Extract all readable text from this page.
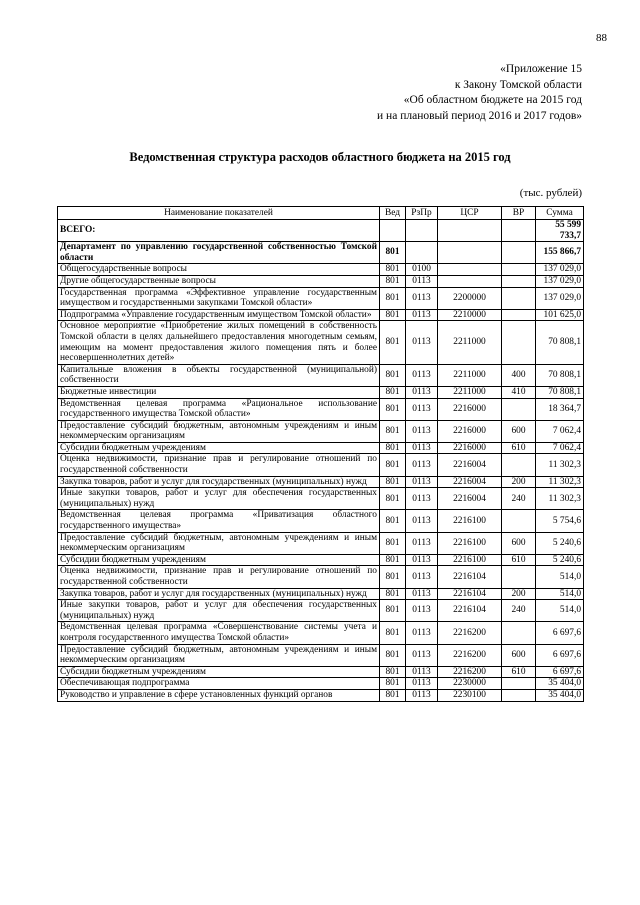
88
«Приложение 15
к Закону Томской области
«Об областном бюджете на 2015 год
и на плановый период 2016 и 2017 годов»
Ведомственная структура расходов областного бюджета на 2015 год
(тыс. рублей)
Наименование показателей	Вед	РзПр	ЦСР	ВР	Сумма
ВСЕГО:					55 599 733,7
Департамент по управлению государственной собственностью Томской области	801				155 866,7
Общегосударственные вопросы	801	0100			137 029,0
Другие общегосударственные вопросы	801	0113			137 029,0
Государственная программа «Эффективное управление государственным имуществом и государственными закупками Томской области»	801	0113	2200000		137 029,0
Подпрограмма «Управление государственным имуществом Томской области»	801	0113	2210000		101 625,0
Основное мероприятие «Приобретение жилых помещений в собственность Томской области в целях дальнейшего предоставления многодетным семьям, имеющим на момент предоставления жилого помещения пять и более несовершеннолетних детей»	801	0113	2211000		70 808,1
Капитальные вложения в объекты государственной (муниципальной) собственности	801	0113	2211000	400	70 808,1
Бюджетные инвестиции	801	0113	2211000	410	70 808,1
Ведомственная целевая программа «Рациональное использование государственного имущества Томской области»	801	0113	2216000		18 364,7
Предоставление субсидий бюджетным, автономным учреждениям и иным некоммерческим организациям	801	0113	2216000	600	7 062,4
Субсидии бюджетным учреждениям	801	0113	2216000	610	7 062,4
Оценка недвижимости, признание прав и регулирование отношений по государственной собственности	801	0113	2216004		11 302,3
Закупка товаров, работ и услуг для государственных (муниципальных) нужд	801	0113	2216004	200	11 302,3
Иные закупки товаров, работ и услуг для обеспечения государственных (муниципальных) нужд	801	0113	2216004	240	11 302,3
Ведомственная целевая программа «Приватизация областного государственного имущества»	801	0113	2216100		5 754,6
Предоставление субсидий бюджетным, автономным учреждениям и иным некоммерческим организациям	801	0113	2216100	600	5 240,6
Субсидии бюджетным учреждениям	801	0113	2216100	610	5 240,6
Оценка недвижимости, признание прав и регулирование отношений по государственной собственности	801	0113	2216104		514,0
Закупка товаров, работ и услуг для государственных (муниципальных) нужд	801	0113	2216104	200	514,0
Иные закупки товаров, работ и услуг для обеспечения государственных (муниципальных) нужд	801	0113	2216104	240	514,0
Ведомственная целевая программа «Совершенствование системы учета и контроля государственного имущества Томской области»	801	0113	2216200		6 697,6
Предоставление субсидий бюджетным, автономным учреждениям и иным некоммерческим организациям	801	0113	2216200	600	6 697,6
Субсидии бюджетным учреждениям	801	0113	2216200	610	6 697,6
Обеспечивающая подпрограмма	801	0113	2230000		35 404,0
Руководство и управление в сфере установленных функций органов	801	0113	2230100		35 404,0
